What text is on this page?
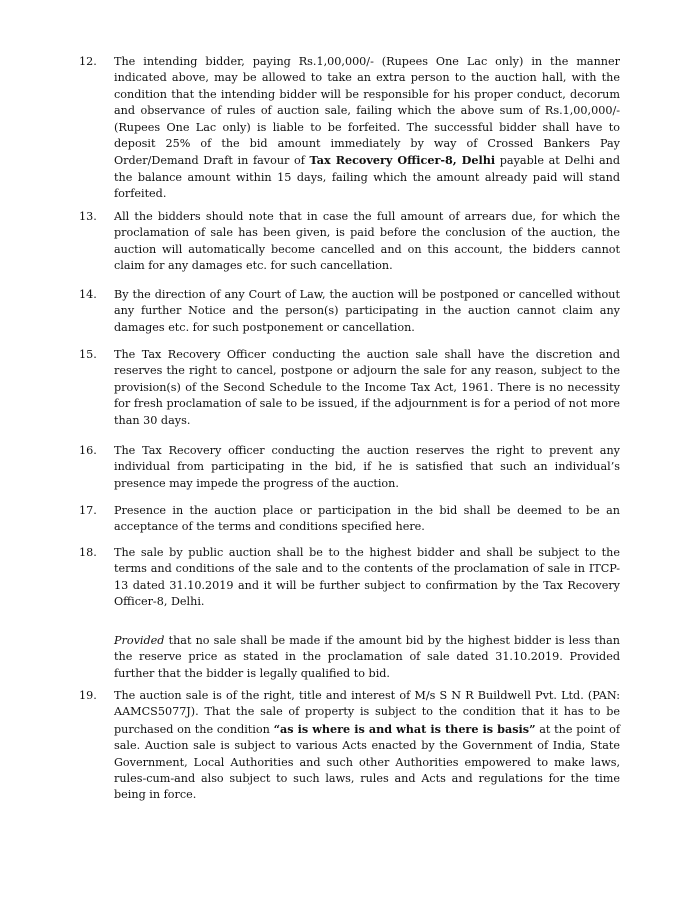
12.	The intending bidder, paying Rs.1,00,000/- (Rupees One Lac only) in the manner indicated above, may be allowed to take an extra person to the auction hall, with the condition that the intending bidder will be responsible for his proper conduct, decorum and observance of rules of auction sale, failing which the above sum of Rs.1,00,000/- (Rupees One Lac only) is liable to be forfeited. The successful bidder shall have to deposit 25% of the bid amount immediately by way of Crossed Bankers Pay Order/Demand Draft in favour of Tax Recovery Officer-8, Delhi payable at Delhi and the balance amount within 15 days, failing which the amount already paid will stand forfeited.

13.	All the bidders should note that in case the full amount of arrears due, for which the proclamation of sale has been given, is paid before the conclusion of the auction, the auction will automatically become cancelled and on this account, the bidders cannot claim for any damages etc. for such cancellation.

14.	By the direction of any Court of Law, the auction will be postponed or cancelled without any further Notice and the person(s) participating in the auction cannot claim any damages etc. for such postponement or cancellation.

15.	The Tax Recovery Officer conducting the auction sale shall have the discretion and reserves the right to cancel, postpone or adjourn the sale for any reason, subject to the provision(s) of the Second Schedule to the Income Tax Act, 1961. There is no necessity for fresh proclamation of sale to be issued, if the adjournment is for a period of not more than 30 days.

16.	The Tax Recovery officer conducting the auction reserves the right to prevent any individual from participating in the bid, if he is satisfied that such an individual’s presence may impede the progress of the auction.

17.	Presence in the auction place or participation in the bid shall be deemed to be an acceptance of the terms and conditions specified here.

18.	The sale by public auction shall be to the highest bidder and shall be subject to the terms and conditions of the sale and to the contents of the proclamation of sale in ITCP-13 dated 31.10.2019 and it will be further subject to confirmation by the Tax Recovery Officer-8, Delhi.

Provided that no sale shall be made if the amount bid by the highest bidder is less than the reserve price as stated in the proclamation of sale dated 31.10.2019. Provided further that the bidder is legally qualified to bid.

19.	The auction sale is of the right, title and interest of M/s S N R Buildwell Pvt. Ltd. (PAN: AAMCS5077J). That the sale of property is subject to the condition that it has to be purchased on the condition “as is where is and what is there is basis” at the point of sale. Auction sale is subject to various Acts enacted by the Government of India, State Government, Local Authorities and such other Authorities empowered to make laws, rules-cum-and also subject to such laws, rules and Acts and regulations for the time being in force.
